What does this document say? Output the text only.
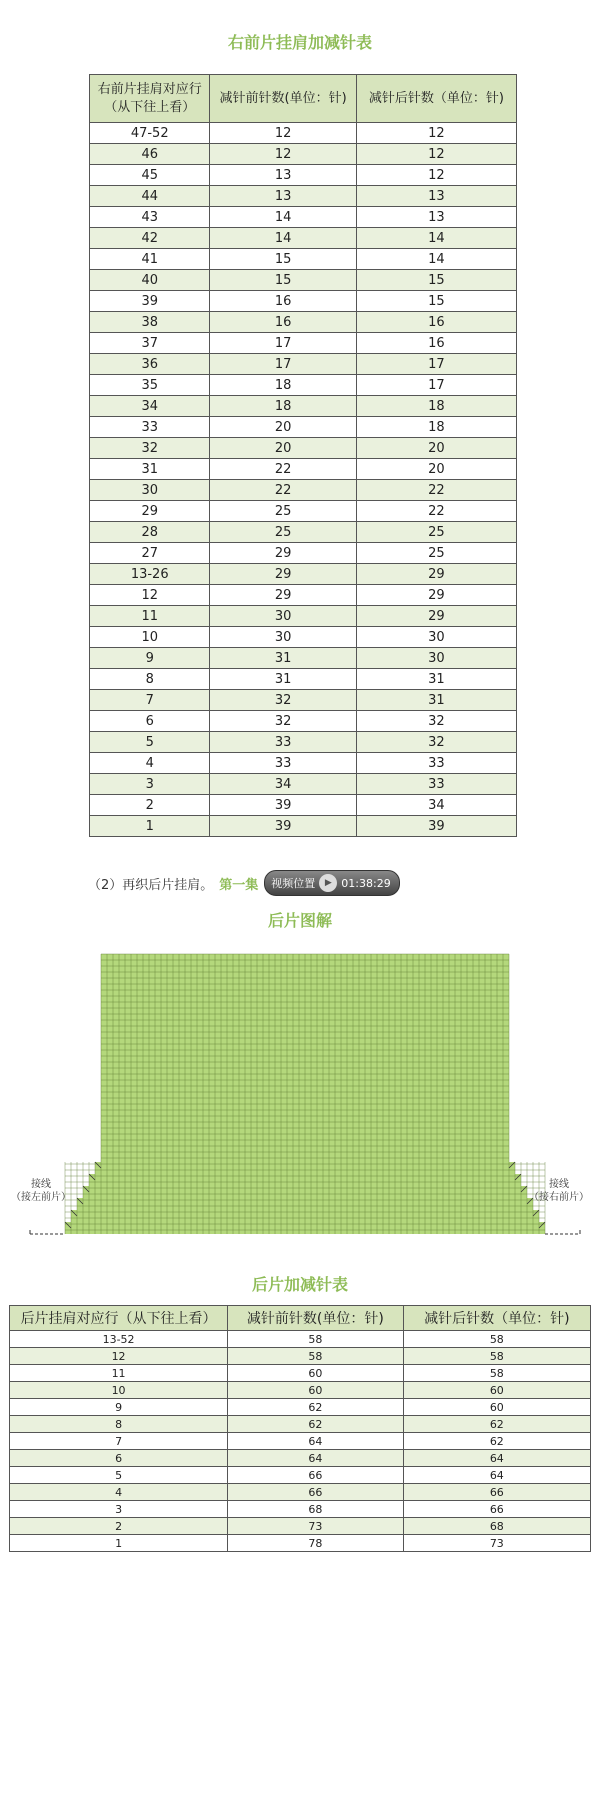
右前片挂肩加减针表
右前片挂肩对应行（从下往上看）	减针前针数(单位：针)	减针后针数（单位：针)
47-52	12	12
46	12	12
45	13	12
44	13	13
43	14	13
42	14	14
41	15	14
40	15	15
39	16	15
38	16	16
37	17	16
36	17	17
35	18	17
34	18	18
33	20	18
32	20	20
31	22	20
30	22	22
29	25	22
28	25	25
27	29	25
13-26	29	29
12	29	29
11	30	29
10	30	30
9	31	30
8	31	31
7	32	31
6	32	32
5	33	32
4	33	33
3	34	33
2	39	34
1	39	39
（2）再织后片挂肩。 第一集 视频位置	▶ 01:38:29
后片图解
接线
（接左前片）
接线
（接右前片）
后片加减针表
后片挂肩对应行（从下往上看）	减针前针数(单位：针)	减针后针数（单位：针)
13-52	58	58
12	58	58
11	60	58
10	60	60
9	62	60
8	62	62
7	64	62
6	64	64
5	66	64
4	66	66
3	68	66
2	73	68
1	78	73
